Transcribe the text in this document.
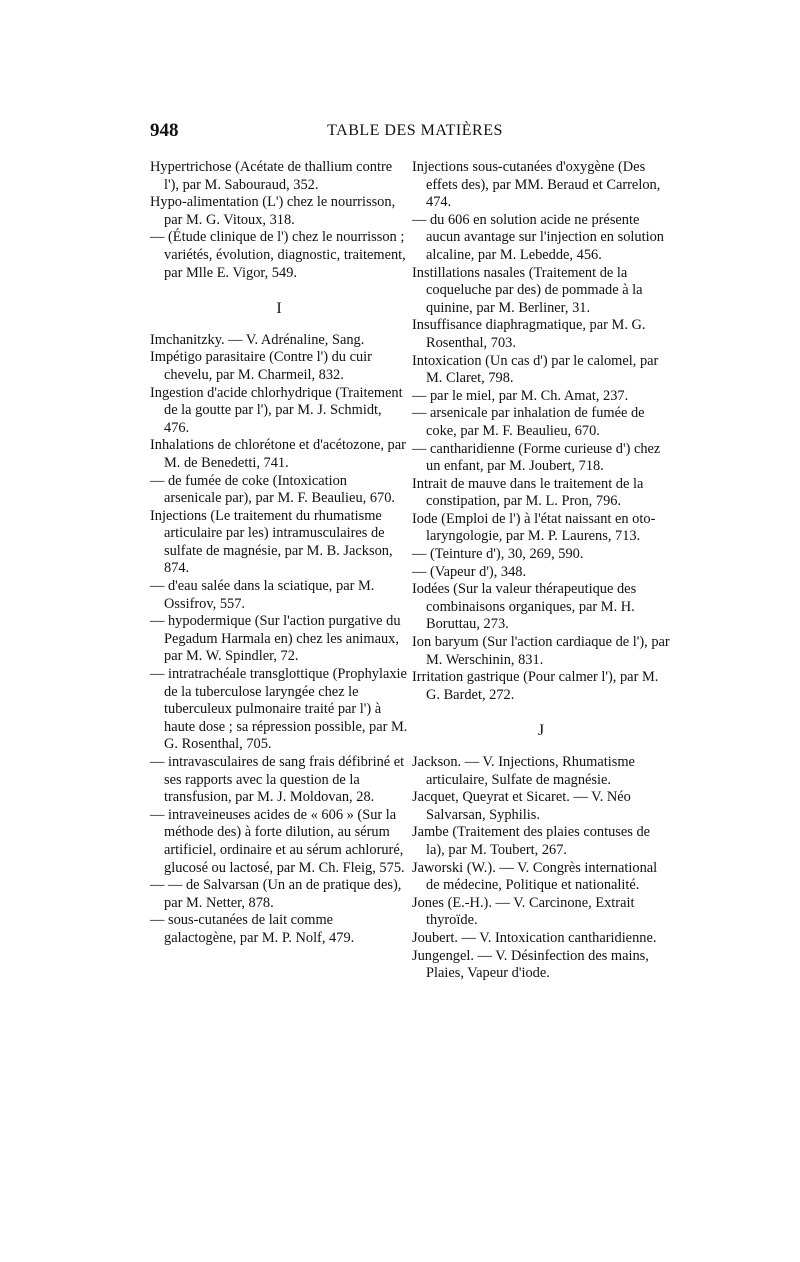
948	TABLE DES MATIÈRES

Hypertrichose (Acétate de thallium contre l'), par M. Sabouraud, 352.

Hypo-alimentation (L') chez le nourrisson, par M. G. Vitoux, 318.

— (Étude clinique de l') chez le nourrisson ; variétés, évolution, diagnostic, traitement, par Mlle E. Vigor, 549.

I

Imchanitzky. — V. Adrénaline, Sang.

Impétigo parasitaire (Contre l') du cuir chevelu, par M. Charmeil, 832.

Ingestion d'acide chlorhydrique (Traitement de la goutte par l'), par M. J. Schmidt, 476.

Inhalations de chlorétone et d'acétozone, par M. de Benedetti, 741.

— de fumée de coke (Intoxication arsenicale par), par M. F. Beaulieu, 670.

Injections (Le traitement du rhumatisme articulaire par les) intramusculaires de sulfate de magnésie, par M. B. Jackson, 874.

— d'eau salée dans la sciatique, par M. Ossifrov, 557.

— hypodermique (Sur l'action purgative du Pegadum Harmala en) chez les animaux, par M. W. Spindler, 72.

— intratrachéale transglottique (Prophylaxie de la tuberculose laryngée chez le tuberculeux pulmonaire traité par l') à haute dose ; sa répression possible, par M. G. Rosenthal, 705.

— intravasculaires de sang frais défibriné et ses rapports avec la question de la transfusion, par M. J. Moldovan, 28.

— intraveineuses acides de « 606 » (Sur la méthode des) à forte dilution, au sérum artificiel, ordinaire et au sérum achloruré, glucosé ou lactosé, par M. Ch. Fleig, 575.

— — de Salvarsan (Un an de pratique des), par M. Netter, 878.

— sous-cutanées de lait comme galactogène, par M. P. Nolf, 479.

Injections sous-cutanées d'oxygène (Des effets des), par MM. Beraud et Carrelon, 474.

— du 606 en solution acide ne présente aucun avantage sur l'injection en solution alcaline, par M. Lebedde, 456.

Instillations nasales (Traitement de la coqueluche par des) de pommade à la quinine, par M. Berliner, 31.

Insuffisance diaphragmatique, par M. G. Rosenthal, 703.

Intoxication (Un cas d') par le calomel, par M. Claret, 798.

— par le miel, par M. Ch. Amat, 237.

— arsenicale par inhalation de fumée de coke, par M. F. Beaulieu, 670.

— cantharidienne (Forme curieuse d') chez un enfant, par M. Joubert, 718.

Intrait de mauve dans le traitement de la constipation, par M. L. Pron, 796.

Iode (Emploi de l') à l'état naissant en oto-laryngologie, par M. P. Laurens, 713.

— (Teinture d'), 30, 269, 590.

— (Vapeur d'), 348.

Iodées (Sur la valeur thérapeutique des combinaisons organiques, par M. H. Boruttau, 273.

Ion baryum (Sur l'action cardiaque de l'), par M. Werschinin, 831.

Irritation gastrique (Pour calmer l'), par M. G. Bardet, 272.

J

Jackson. — V. Injections, Rhumatisme articulaire, Sulfate de magnésie.

Jacquet, Queyrat et Sicaret. — V. Néo Salvarsan, Syphilis.

Jambe (Traitement des plaies contuses de la), par M. Toubert, 267.

Jaworski (W.). — V. Congrès international de médecine, Politique et nationalité.

Jones (E.-H.). — V. Carcinone, Extrait thyroïde.

Joubert. — V. Intoxication cantharidienne.

Jungengel. — V. Désinfection des mains, Plaies, Vapeur d'iode.
